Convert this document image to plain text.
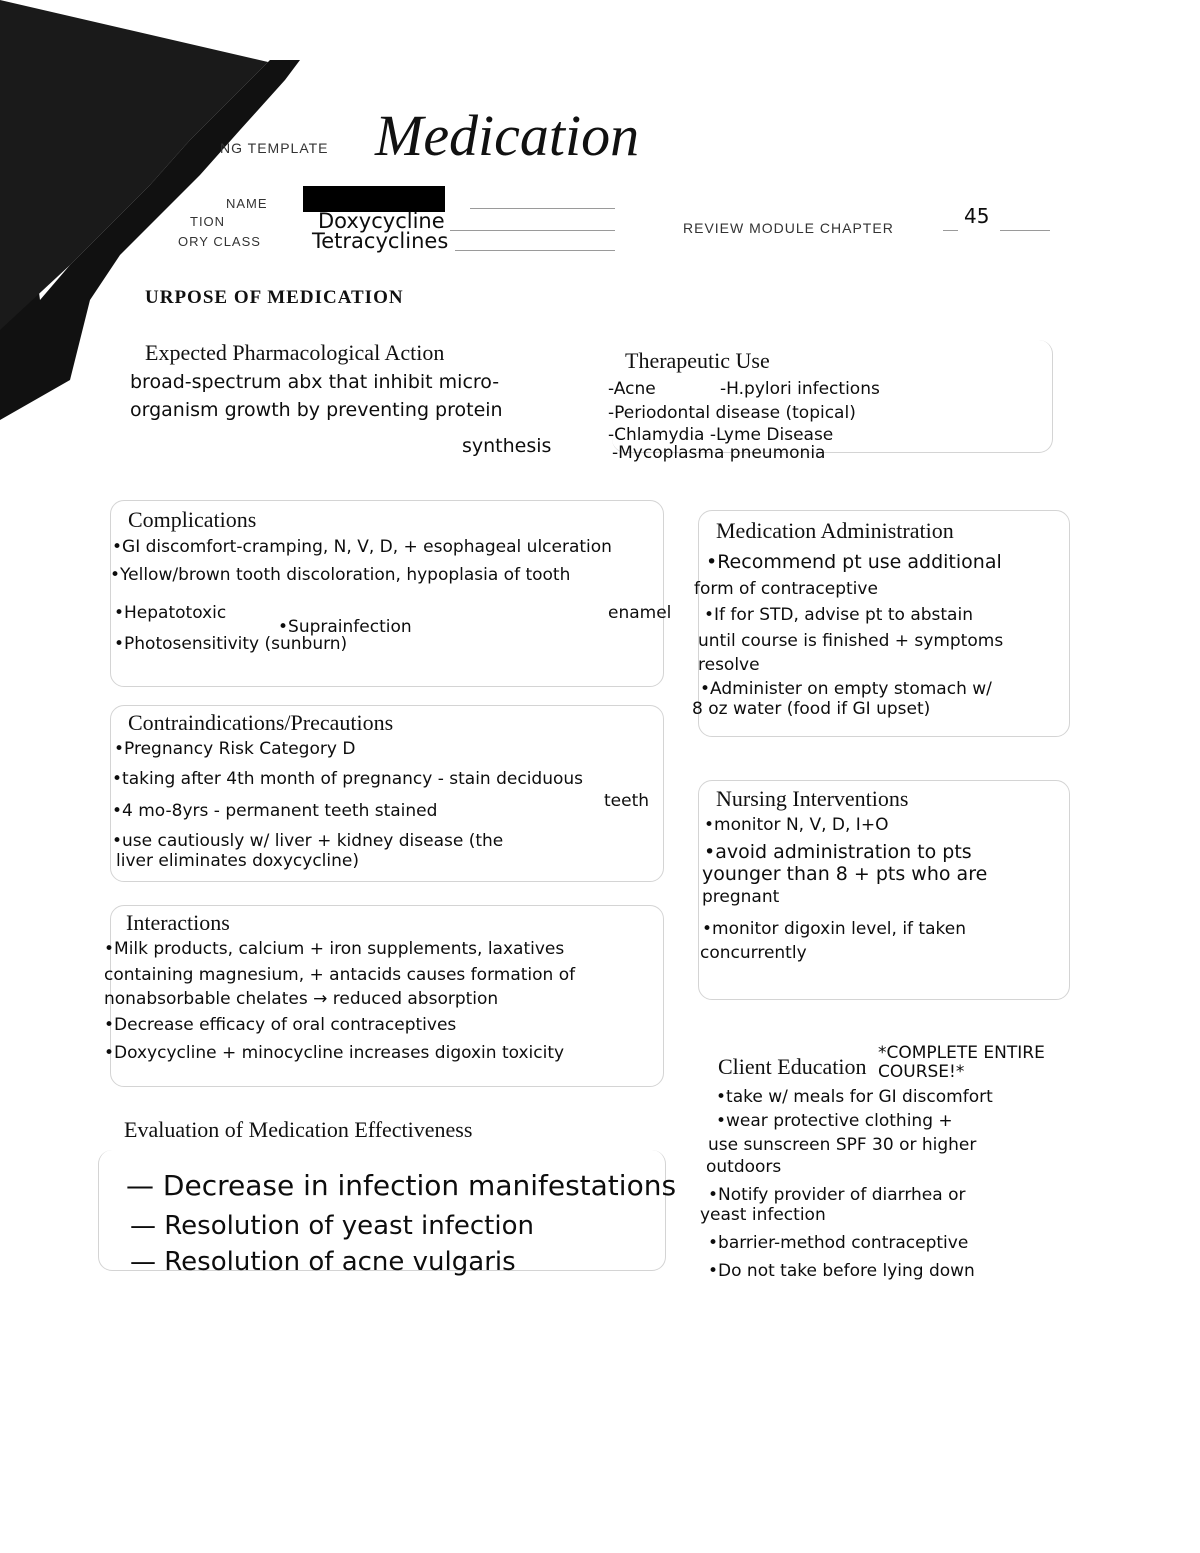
NG TEMPLATE Medication
NAME
TION
ORY CLASS
Doxycycline
Tetracyclines
REVIEW MODULE CHAPTER	45
URPOSE OF MEDICATION
Expected Pharmacological Action
broad-spectrum abx that inhibit micro-
organism growth by preventing protein
synthesis
Therapeutic Use
-Acne	-H.pylori infections
-Periodontal disease (topical)
-Chlamydia -Lyme Disease
-Mycoplasma pneumonia
Complications
•GI discomfort-cramping, N, V, D, + esophageal ulceration
•Yellow/brown tooth discoloration, hypoplasia of tooth
enamel
•Hepatotoxic
•Suprainfection
•Photosensitivity (sunburn)
Medication Administration
•Recommend pt use additional
form of contraceptive
•If for STD, advise pt to abstain
until course is finished + symptoms
resolve
•Administer on empty stomach w/
8 oz water (food if GI upset)
Contraindications/Precautions
•Pregnancy Risk Category D
•taking after 4th month of pregnancy - stain deciduous
teeth
•4 mo-8yrs - permanent teeth stained
•use cautiously w/ liver + kidney disease (the
liver eliminates doxycycline)
Nursing Interventions
•monitor N, V, D, I+O
•avoid administration to pts
younger than 8 + pts who are
pregnant
•monitor digoxin level, if taken
concurrently
Interactions
•Milk products, calcium + iron supplements, laxatives
containing magnesium, + antacids causes formation of
nonabsorbable chelates → reduced absorption
•Decrease efficacy of oral contraceptives
•Doxycycline + minocycline increases digoxin toxicity
Client Education
*COMPLETE ENTIRE COURSE!*
•take w/ meals for GI discomfort
•wear protective clothing +
use sunscreen SPF 30 or higher
outdoors
•Notify provider of diarrhea or
yeast infection
•barrier-method contraceptive
•Do not take before lying down
Evaluation of Medication Effectiveness
— Decrease in infection manifestations
— Resolution of yeast infection
— Resolution of acne vulgaris
